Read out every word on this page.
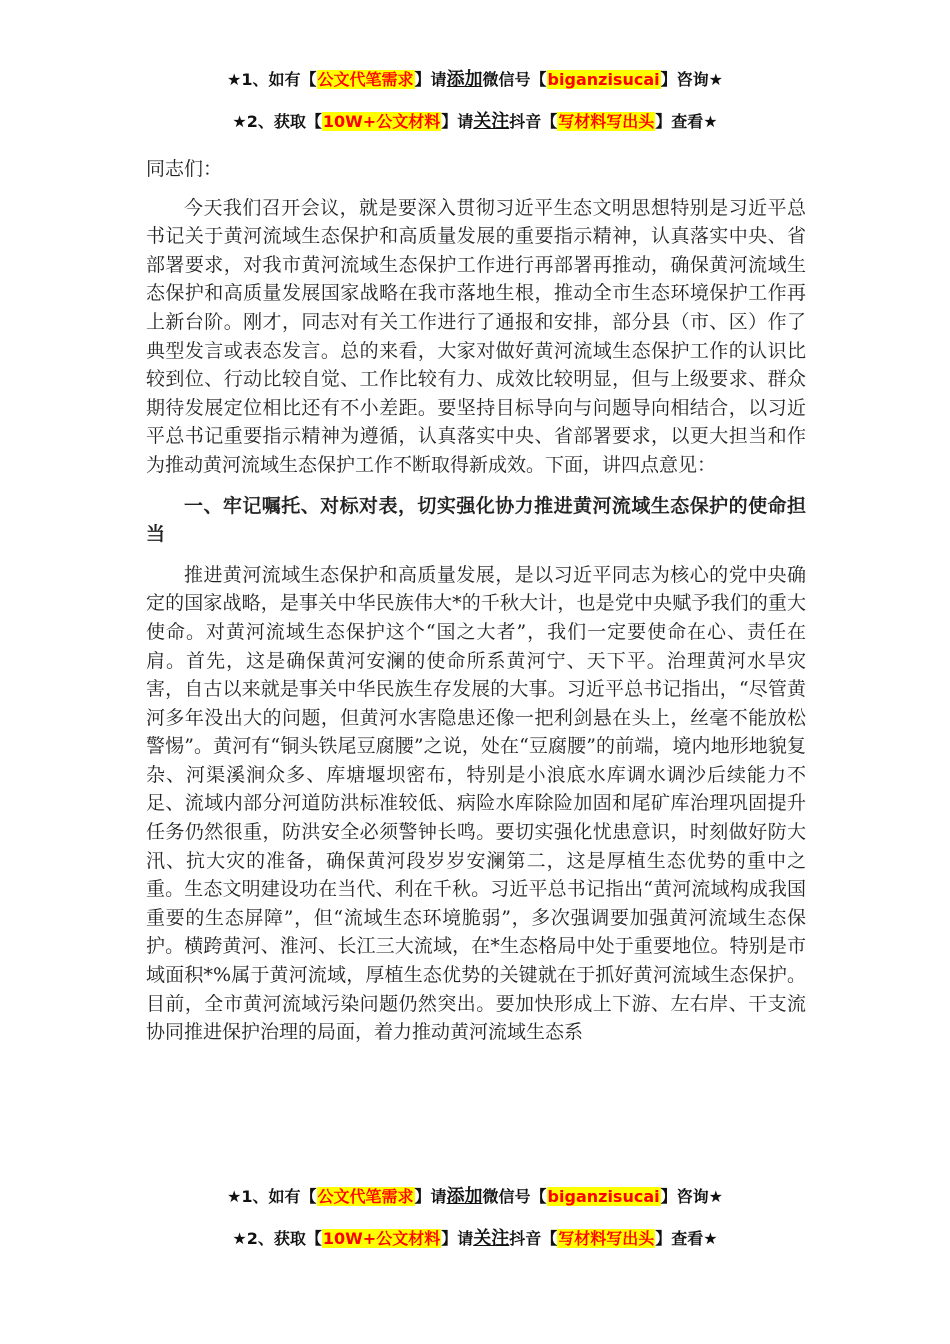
★1、如有【公文代笔需求】请添加微信号【biganzisucai】咨询★
★2、获取【10W+公文材料】请关注抖音【写材料写出头】查看★

同志们：

今天我们召开会议，就是要深入贯彻习近平生态文明思想特别是习近平总书记关于黄河流域生态保护和高质量发展的重要指示精神，认真落实中央、省部署要求，对我市黄河流域生态保护工作进行再部署再推动，确保黄河流域生态保护和高质量发展国家战略在我市落地生根，推动全市生态环境保护工作再上新台阶。刚才，同志对有关工作进行了通报和安排，部分县（市、区）作了典型发言或表态发言。总的来看，大家对做好黄河流域生态保护工作的认识比较到位、行动比较自觉、工作比较有力、成效比较明显，但与上级要求、群众期待发展定位相比还有不小差距。要坚持目标导向与问题导向相结合，以习近平总书记重要指示精神为遵循，认真落实中央、省部署要求，以更大担当和作为推动黄河流域生态保护工作不断取得新成效。下面，讲四点意见：

一、牢记嘱托、对标对表，切实强化协力推进黄河流域生态保护的使命担当

推进黄河流域生态保护和高质量发展，是以习近平同志为核心的党中央确定的国家战略，是事关中华民族伟大*的千秋大计，也是党中央赋予我们的重大使命。对黄河流域生态保护这个“国之大者”，我们一定要使命在心、责任在肩。首先，这是确保黄河安澜的使命所系黄河宁、天下平。治理黄河水旱灾害，自古以来就是事关中华民族生存发展的大事。习近平总书记指出，“尽管黄河多年没出大的问题，但黄河水害隐患还像一把利剑悬在头上，丝毫不能放松警惕”。黄河有“铜头铁尾豆腐腰”之说，处在“豆腐腰”的前端，境内地形地貌复杂、河渠溪涧众多、库塘堰坝密布，特别是小浪底水库调水调沙后续能力不足、流域内部分河道防洪标准较低、病险水库除险加固和尾矿库治理巩固提升任务仍然很重，防洪安全必须警钟长鸣。要切实强化忧患意识，时刻做好防大汛、抗大灾的准备，确保黄河段岁岁安澜第二，这是厚植生态优势的重中之重。生态文明建设功在当代、利在千秋。习近平总书记指出“黄河流域构成我国重要的生态屏障”，但“流域生态环境脆弱”，多次强调要加强黄河流域生态保护。横跨黄河、淮河、长江三大流域，在*生态格局中处于重要地位。特别是市域面积*%属于黄河流域，厚植生态优势的关键就在于抓好黄河流域生态保护。目前，全市黄河流域污染问题仍然突出。要加快形成上下游、左右岸、干支流协同推进保护治理的局面，着力推动黄河流域生态系

★1、如有【公文代笔需求】请添加微信号【biganzisucai】咨询★
★2、获取【10W+公文材料】请关注抖音【写材料写出头】查看★
